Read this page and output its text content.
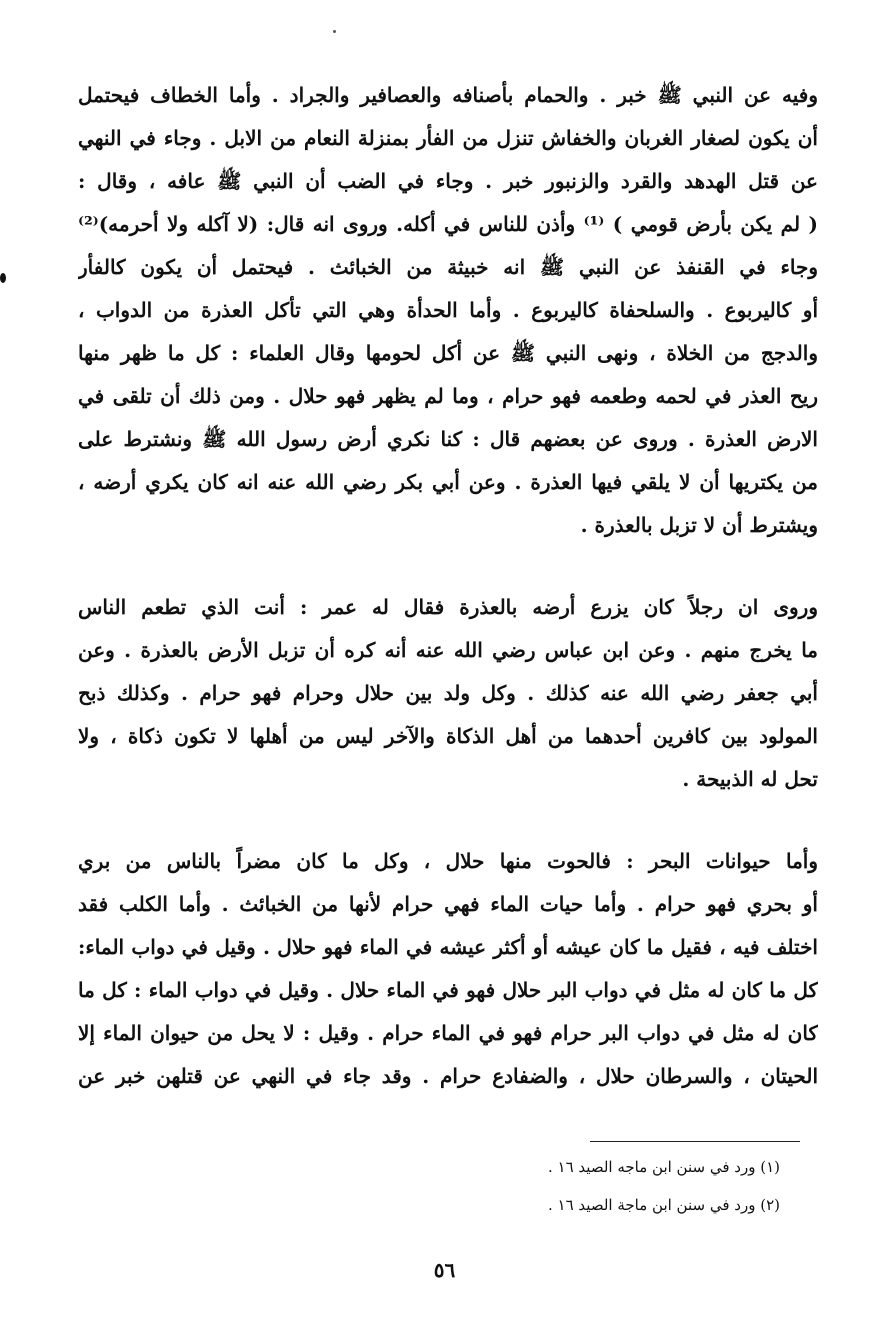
وفيه عن النبي ﷺ خبر . والحمام بأصنافه والعصافير والجراد . وأما الخطاف فيحتمل
أن يكون لصغار الغربان والخفاش تنزل من الفأر بمنزلة النعام من الابل . وجاء في النهي
عن قتل الهدهد والقرد والزنبور خبر . وجاء في الضب أن النبي ﷺ عافه ، وقال :
( لم يكن بأرض قومي ) ⁽¹⁾ وأذن للناس في أكله. وروى انه قال: (لا آكله ولا أحرمه)⁽²⁾
وجاء في القنفذ عن النبي ﷺ انه خبيثة من الخبائث . فيحتمل أن يكون كالفأر
أو كاليربوع . والسلحفاة كاليربوع . وأما الحدأة وهي التي تأكل العذرة من الدواب ،
والدجج من الخلاة ، ونهى النبي ﷺ عن أكل لحومها وقال العلماء : كل ما ظهر منها
ريح العذر في لحمه وطعمه فهو حرام ، وما لم يظهر فهو حلال . ومن ذلك أن تلقى في
الارض العذرة . وروى عن بعضهم قال : كنا نكري أرض رسول الله ﷺ ونشترط على
من يكتريها أن لا يلقي فيها العذرة . وعن أبي بكر رضي الله عنه انه كان يكري أرضه ،
ويشترط أن لا تزبل بالعذرة .
وروى ان رجلاً كان يزرع أرضه بالعذرة فقال له عمر : أنت الذي تطعم الناس
ما يخرج منهم . وعن ابن عباس رضي الله عنه أنه كره أن تزبل الأرض بالعذرة . وعن
أبي جعفر رضي الله عنه كذلك . وكل ولد بين حلال وحرام فهو حرام . وكذلك ذبح
المولود بين كافرين أحدهما من أهل الذكاة والآخر ليس من أهلها لا تكون ذكاة ، ولا
تحل له الذبيحة .
وأما حيوانات البحر : فالحوت منها حلال ، وكل ما كان مضراً بالناس من بري
أو بحري فهو حرام . وأما حيات الماء فهي حرام لأنها من الخبائث . وأما الكلب فقد
اختلف فيه ، فقيل ما كان عيشه أو أكثر عيشه في الماء فهو حلال . وقيل في دواب الماء:
كل ما كان له مثل في دواب البر حلال فهو في الماء حلال . وقيل في دواب الماء : كل ما
كان له مثل في دواب البر حرام فهو في الماء حرام . وقيل : لا يحل من حيوان الماء إلا
الحيتان ، والسرطان حلال ، والضفادع حرام . وقد جاء في النهي عن قتلهن خبر عن
(١) ورد في سنن ابن ماجه الصيد ١٦ .
(٢) ورد في سنن ابن ماجة الصيد ١٦ .
٥٦
